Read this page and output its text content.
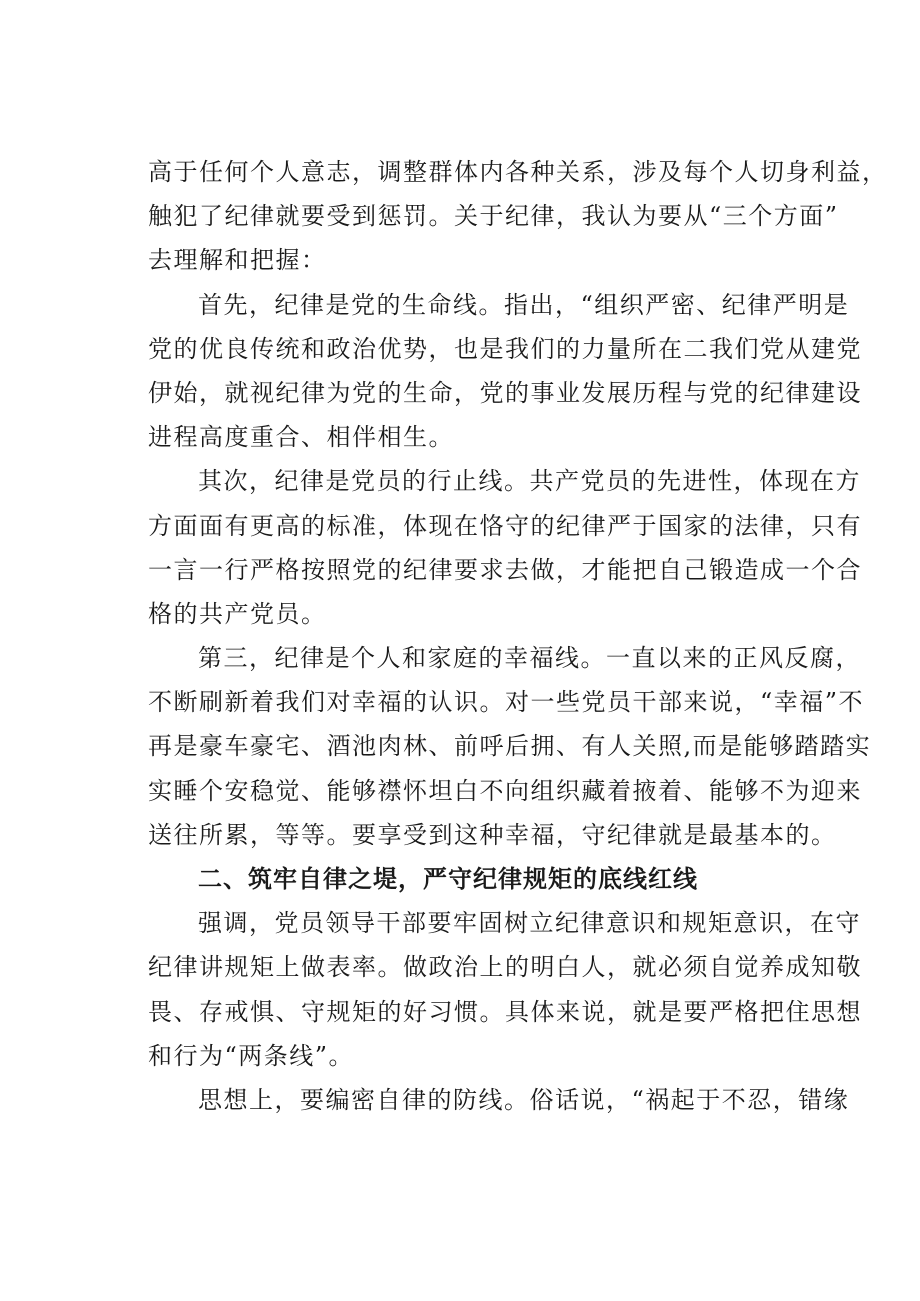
高于任何个人意志，调整群体内各种关系，涉及每个人切身利益，
触犯了纪律就要受到惩罚。关于纪律，我认为要从“三个方面”
去理解和把握：
首先，纪律是党的生命线。指出，“组织严密、纪律严明是
党的优良传统和政治优势，也是我们的力量所在二我们党从建党
伊始，就视纪律为党的生命，党的事业发展历程与党的纪律建设
进程高度重合、相伴相生。
其次，纪律是党员的行止线。共产党员的先进性，体现在方
方面面有更高的标准，体现在恪守的纪律严于国家的法律，只有
一言一行严格按照党的纪律要求去做，才能把自己锻造成一个合
格的共产党员。
第三，纪律是个人和家庭的幸福线。一直以来的正风反腐，
不断刷新着我们对幸福的认识。对一些党员干部来说，“幸福”不
再是豪车豪宅、酒池肉林、前呼后拥、有人关照,而是能够踏踏实
实睡个安稳觉、能够襟怀坦白不向组织藏着掖着、能够不为迎来
送往所累，等等。要享受到这种幸福，守纪律就是最基本的。
二、筑牢自律之堤，严守纪律规矩的底线红线
强调，党员领导干部要牢固树立纪律意识和规矩意识，在守
纪律讲规矩上做表率。做政治上的明白人，就必须自觉养成知敬
畏、存戒惧、守规矩的好习惯。具体来说，就是要严格把住思想
和行为“两条线”。
思想上，要编密自律的防线。俗话说，“祸起于不忍，错缘
